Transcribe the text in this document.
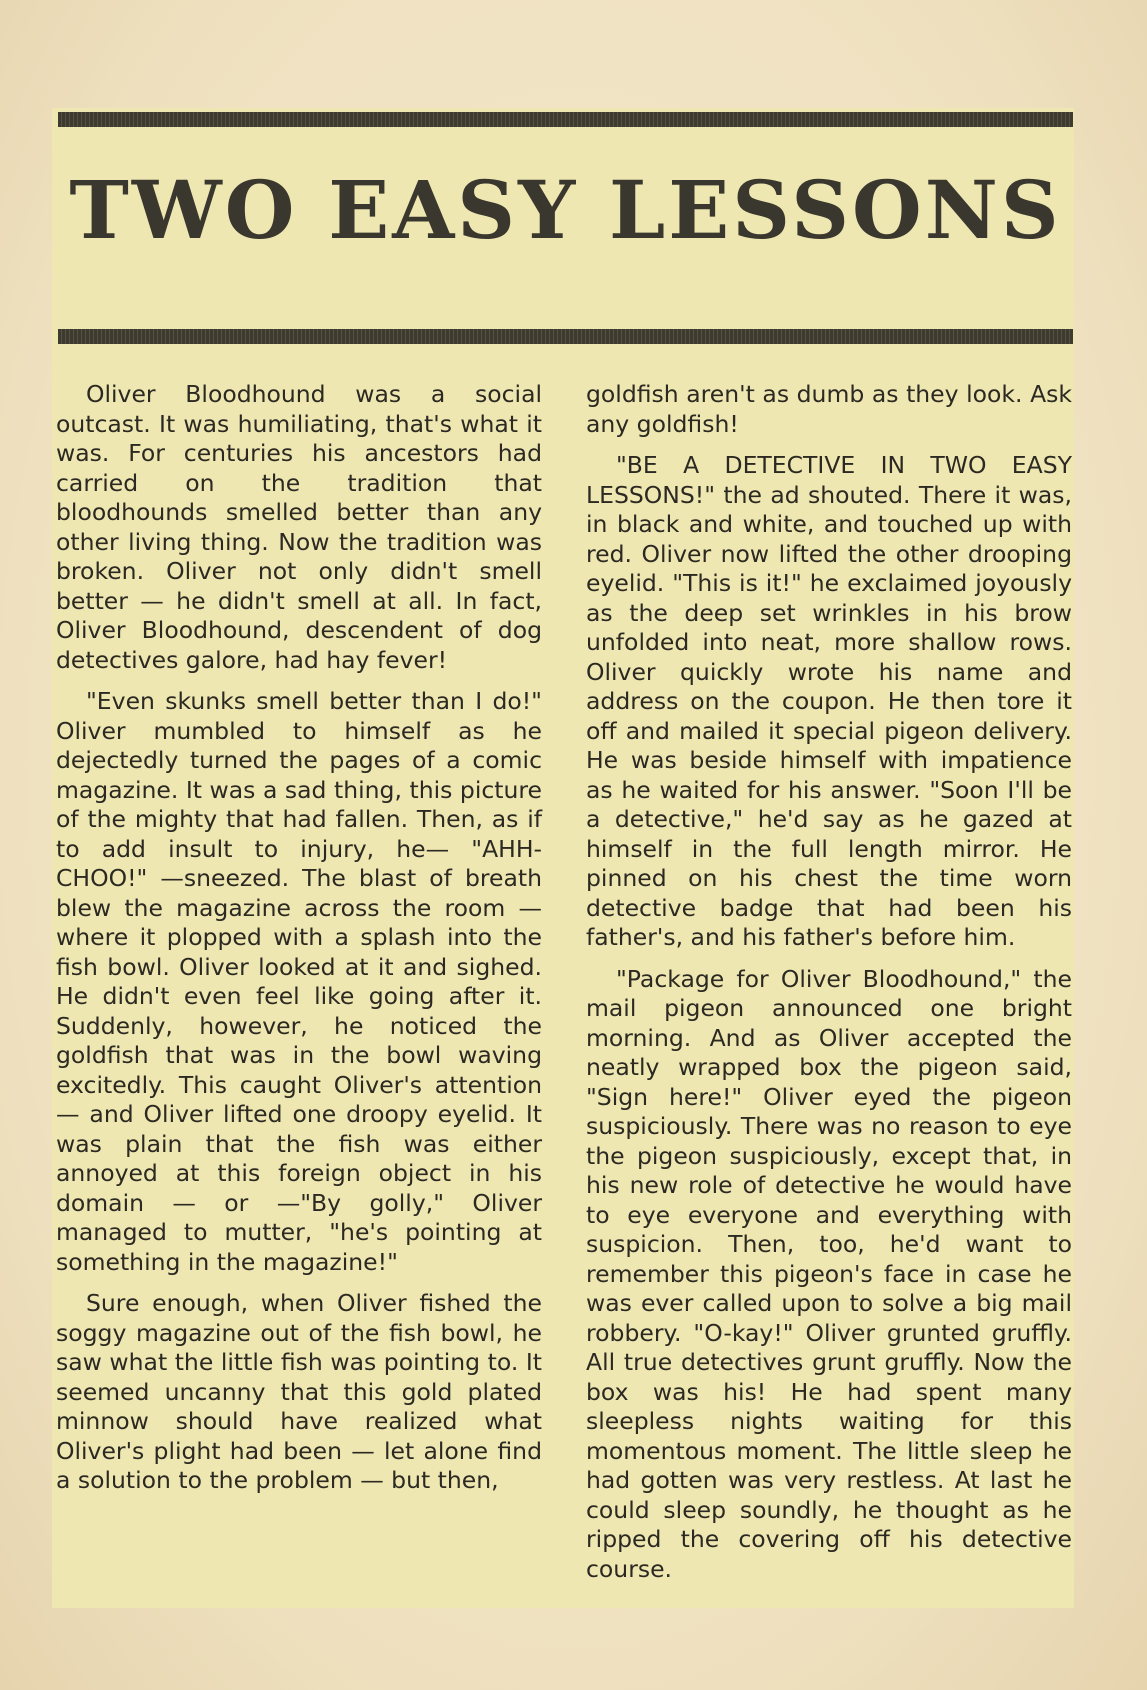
TWO EASY LESSONS

Oliver Bloodhound was a social outcast. It was humiliating, that's what it was. For centuries his ancestors had carried on the tradition that bloodhounds smelled better than any other living thing. Now the tradition was broken. Oliver not only didn't smell better — he didn't smell at all. In fact, Oliver Bloodhound, descendent of dog detectives galore, had hay fever!

"Even skunks smell better than I do!" Oliver mumbled to himself as he dejectedly turned the pages of a comic magazine. It was a sad thing, this picture of the mighty that had fallen. Then, as if to add insult to injury, he— "AHH-CHOO!" —sneezed. The blast of breath blew the magazine across the room — where it plopped with a splash into the fish bowl. Oliver looked at it and sighed. He didn't even feel like going after it. Suddenly, however, he noticed the goldfish that was in the bowl waving excitedly. This caught Oliver's attention — and Oliver lifted one droopy eyelid. It was plain that the fish was either annoyed at this foreign object in his domain — or —"By golly," Oliver managed to mutter, "he's pointing at something in the magazine!"

Sure enough, when Oliver fished the soggy magazine out of the fish bowl, he saw what the little fish was pointing to. It seemed uncanny that this gold plated minnow should have realized what Oliver's plight had been — let alone find a solution to the problem — but then,

goldfish aren't as dumb as they look. Ask any goldfish!

"BE A DETECTIVE IN TWO EASY LESSONS!" the ad shouted. There it was, in black and white, and touched up with red. Oliver now lifted the other drooping eyelid. "This is it!" he exclaimed joyously as the deep set wrinkles in his brow unfolded into neat, more shallow rows. Oliver quickly wrote his name and address on the coupon. He then tore it off and mailed it special pigeon delivery. He was beside himself with impatience as he waited for his answer. "Soon I'll be a detective," he'd say as he gazed at himself in the full length mirror. He pinned on his chest the time worn detective badge that had been his father's, and his father's before him.

"Package for Oliver Bloodhound," the mail pigeon announced one bright morning. And as Oliver accepted the neatly wrapped box the pigeon said, "Sign here!" Oliver eyed the pigeon suspiciously. There was no reason to eye the pigeon suspiciously, except that, in his new role of detective he would have to eye everyone and everything with suspicion. Then, too, he'd want to remember this pigeon's face in case he was ever called upon to solve a big mail robbery. "O-kay!" Oliver grunted gruffly. All true detectives grunt gruffly. Now the box was his! He had spent many sleepless nights waiting for this momentous moment. The little sleep he had gotten was very restless. At last he could sleep soundly, he thought as he ripped the covering off his detective course.
